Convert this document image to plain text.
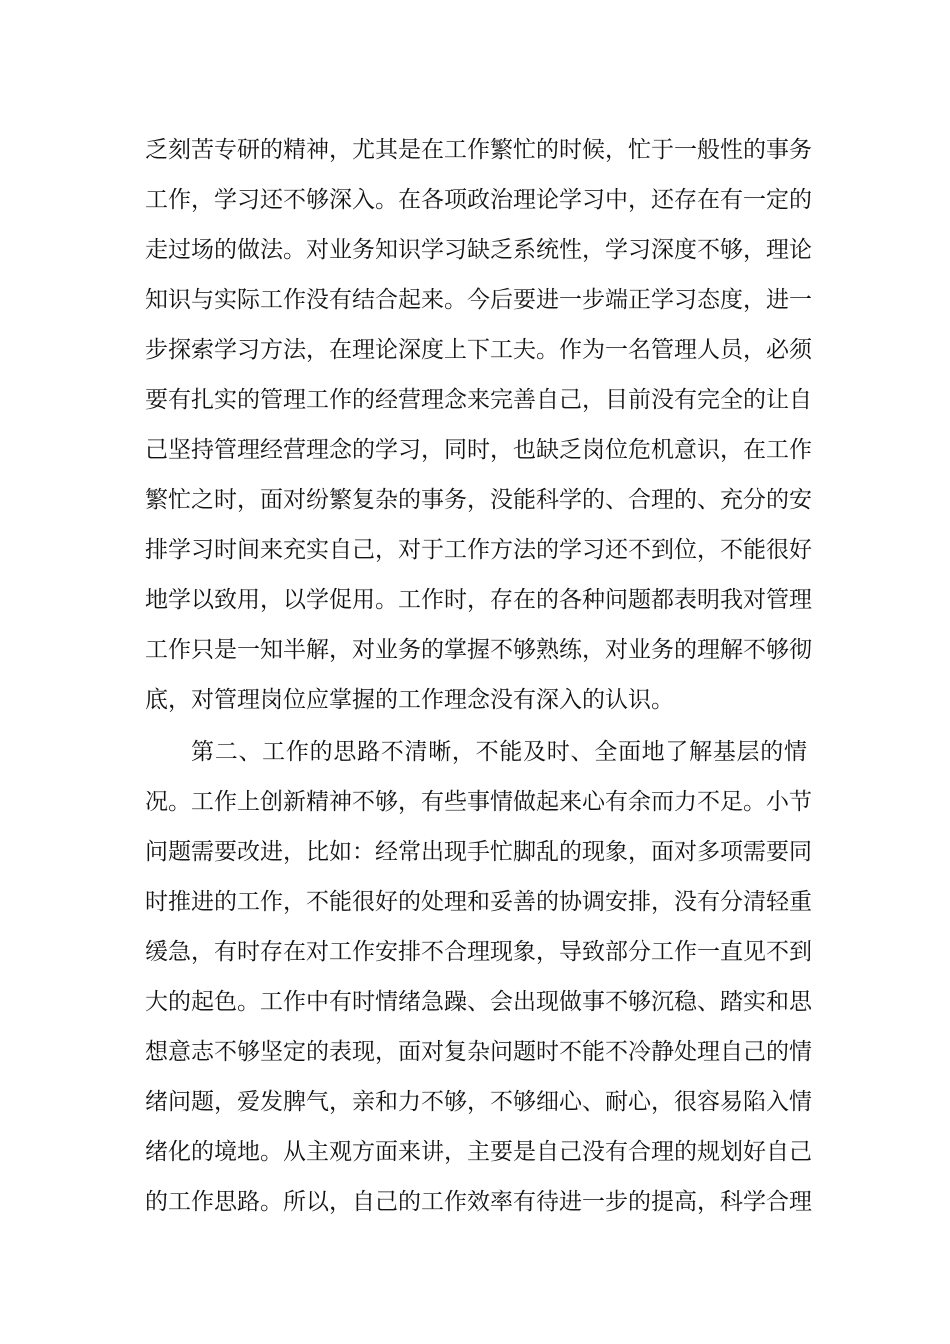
乏刻苦专研的精神，尤其是在工作繁忙的时候，忙于一般性的事务
工作，学习还不够深入。在各项政治理论学习中，还存在有一定的
走过场的做法。对业务知识学习缺乏系统性，学习深度不够，理论
知识与实际工作没有结合起来。今后要进一步端正学习态度，进一
步探索学习方法，在理论深度上下工夫。作为一名管理人员，必须
要有扎实的管理工作的经营理念来完善自己，目前没有完全的让自
己坚持管理经营理念的学习，同时，也缺乏岗位危机意识，在工作
繁忙之时，面对纷繁复杂的事务，没能科学的、合理的、充分的安
排学习时间来充实自己，对于工作方法的学习还不到位，不能很好
地学以致用，以学促用。工作时，存在的各种问题都表明我对管理
工作只是一知半解，对业务的掌握不够熟练，对业务的理解不够彻
底，对管理岗位应掌握的工作理念没有深入的认识。
第二、工作的思路不清晰，不能及时、全面地了解基层的情
况。工作上创新精神不够，有些事情做起来心有余而力不足。小节
问题需要改进，比如：经常出现手忙脚乱的现象，面对多项需要同
时推进的工作，不能很好的处理和妥善的协调安排，没有分清轻重
缓急，有时存在对工作安排不合理现象，导致部分工作一直见不到
大的起色。工作中有时情绪急躁、会出现做事不够沉稳、踏实和思
想意志不够坚定的表现，面对复杂问题时不能不冷静处理自己的情
绪问题，爱发脾气，亲和力不够，不够细心、耐心，很容易陷入情
绪化的境地。从主观方面来讲，主要是自己没有合理的规划好自己
的工作思路。所以，自己的工作效率有待进一步的提高，科学合理
